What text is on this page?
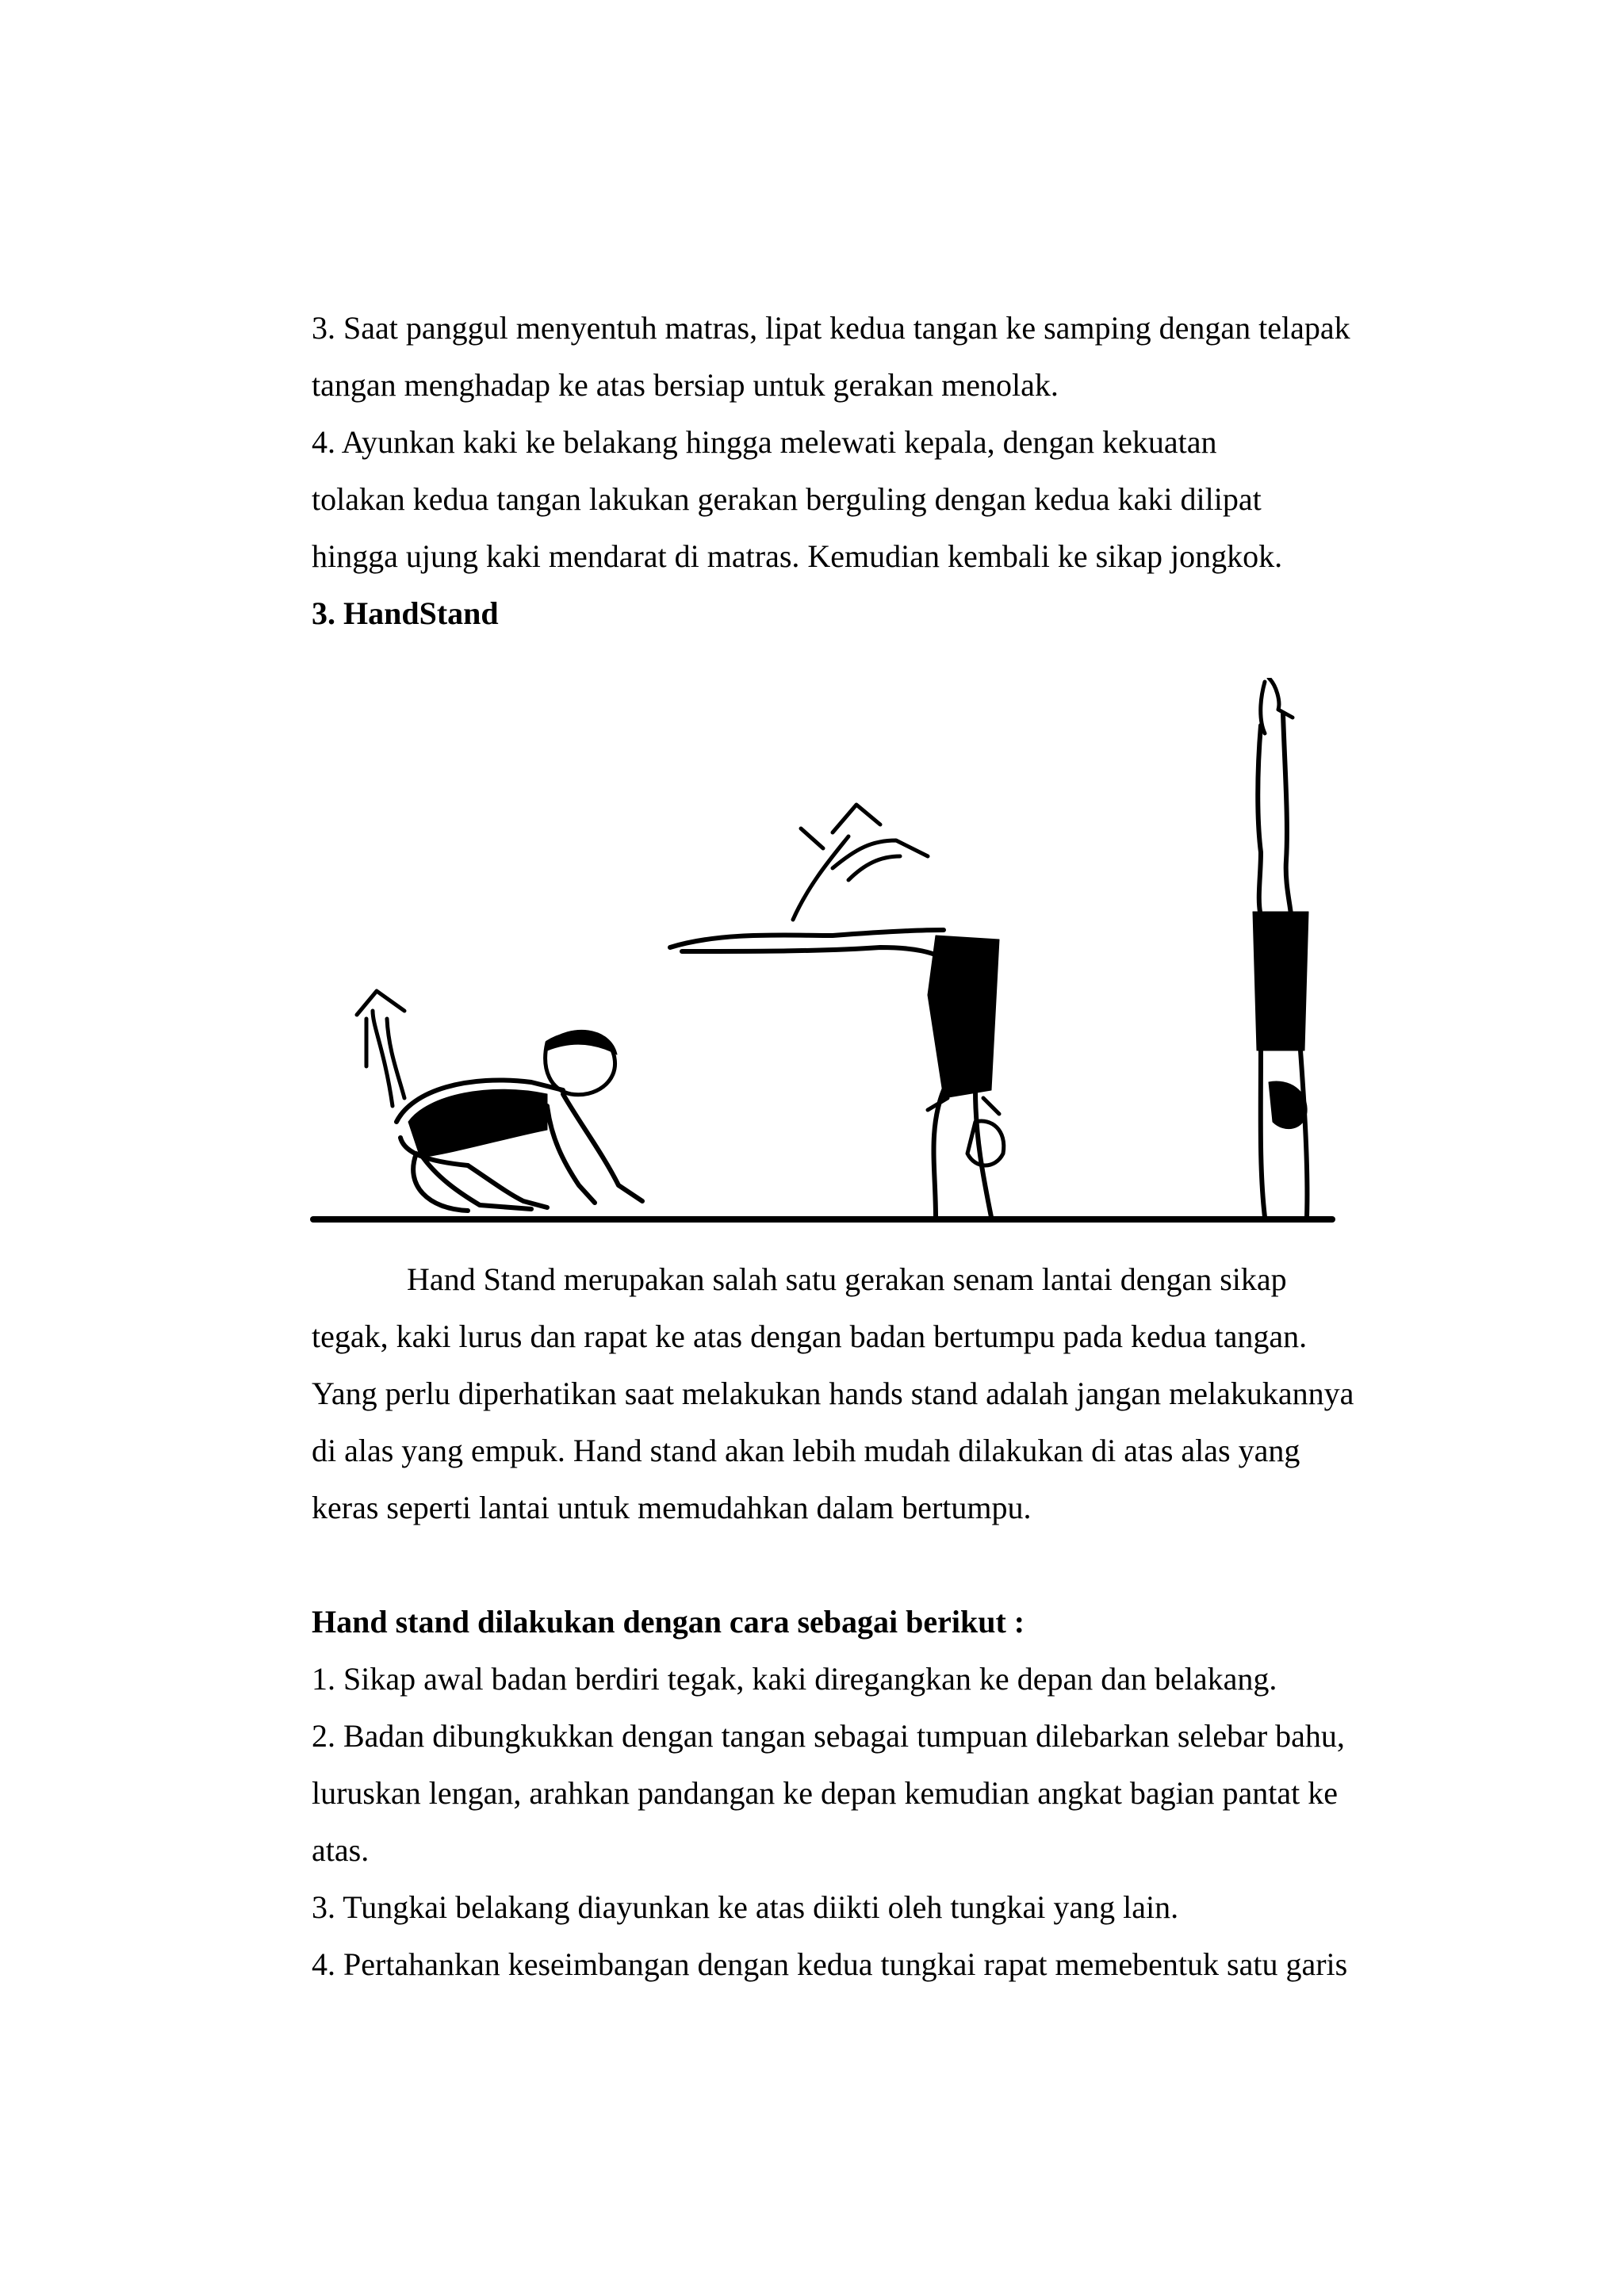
3. Saat panggul menyentuh matras, lipat kedua tangan ke samping dengan telapak

tangan menghadap ke atas bersiap untuk gerakan menolak.

4. Ayunkan kaki ke belakang hingga melewati kepala, dengan kekuatan

tolakan kedua tangan lakukan gerakan berguling dengan kedua kaki dilipat

hingga ujung kaki mendarat di matras. Kemudian kembali ke sikap jongkok.

3. HandStand

Hand Stand merupakan salah satu gerakan senam lantai dengan sikap

tegak, kaki lurus dan rapat ke atas dengan badan bertumpu pada kedua tangan.

Yang perlu diperhatikan saat melakukan hands stand adalah jangan melakukannya

di alas yang empuk. Hand stand akan lebih mudah dilakukan di atas alas yang

keras seperti lantai untuk memudahkan dalam bertumpu.

Hand stand dilakukan dengan cara sebagai berikut :

1. Sikap awal badan berdiri tegak, kaki diregangkan ke depan dan belakang.

2. Badan dibungkukkan dengan tangan sebagai tumpuan dilebarkan selebar bahu,

luruskan lengan, arahkan pandangan ke depan kemudian angkat bagian pantat ke

atas.

3. Tungkai belakang diayunkan ke atas diikti oleh tungkai yang lain.

4. Pertahankan keseimbangan dengan kedua tungkai rapat memebentuk satu garis
